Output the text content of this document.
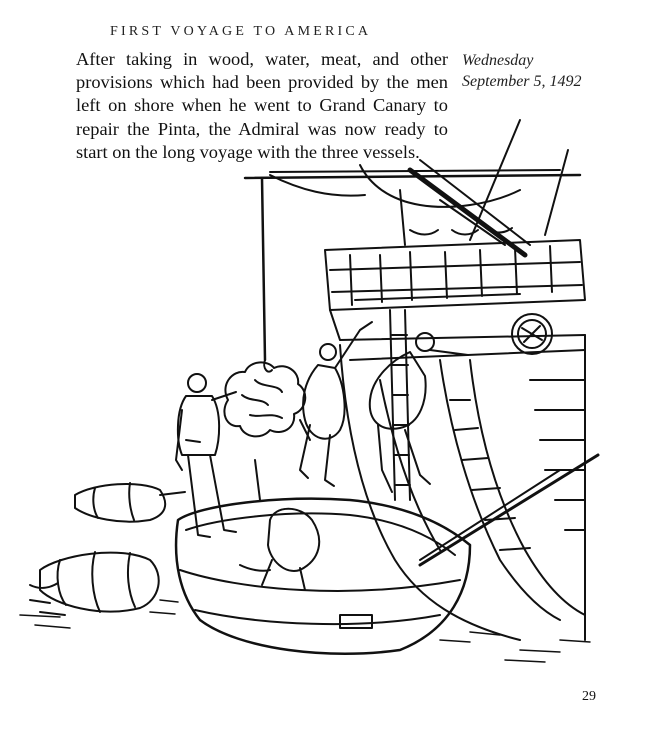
FIRST VOYAGE TO AMERICA
After taking in wood, water, meat, and other provisions which had been provided by the men left on shore when he went to Grand Canary to repair the Pinta, the Admiral was now ready to start on the long voyage with the three vessels.
Wednesday
September 5, 1492
29
